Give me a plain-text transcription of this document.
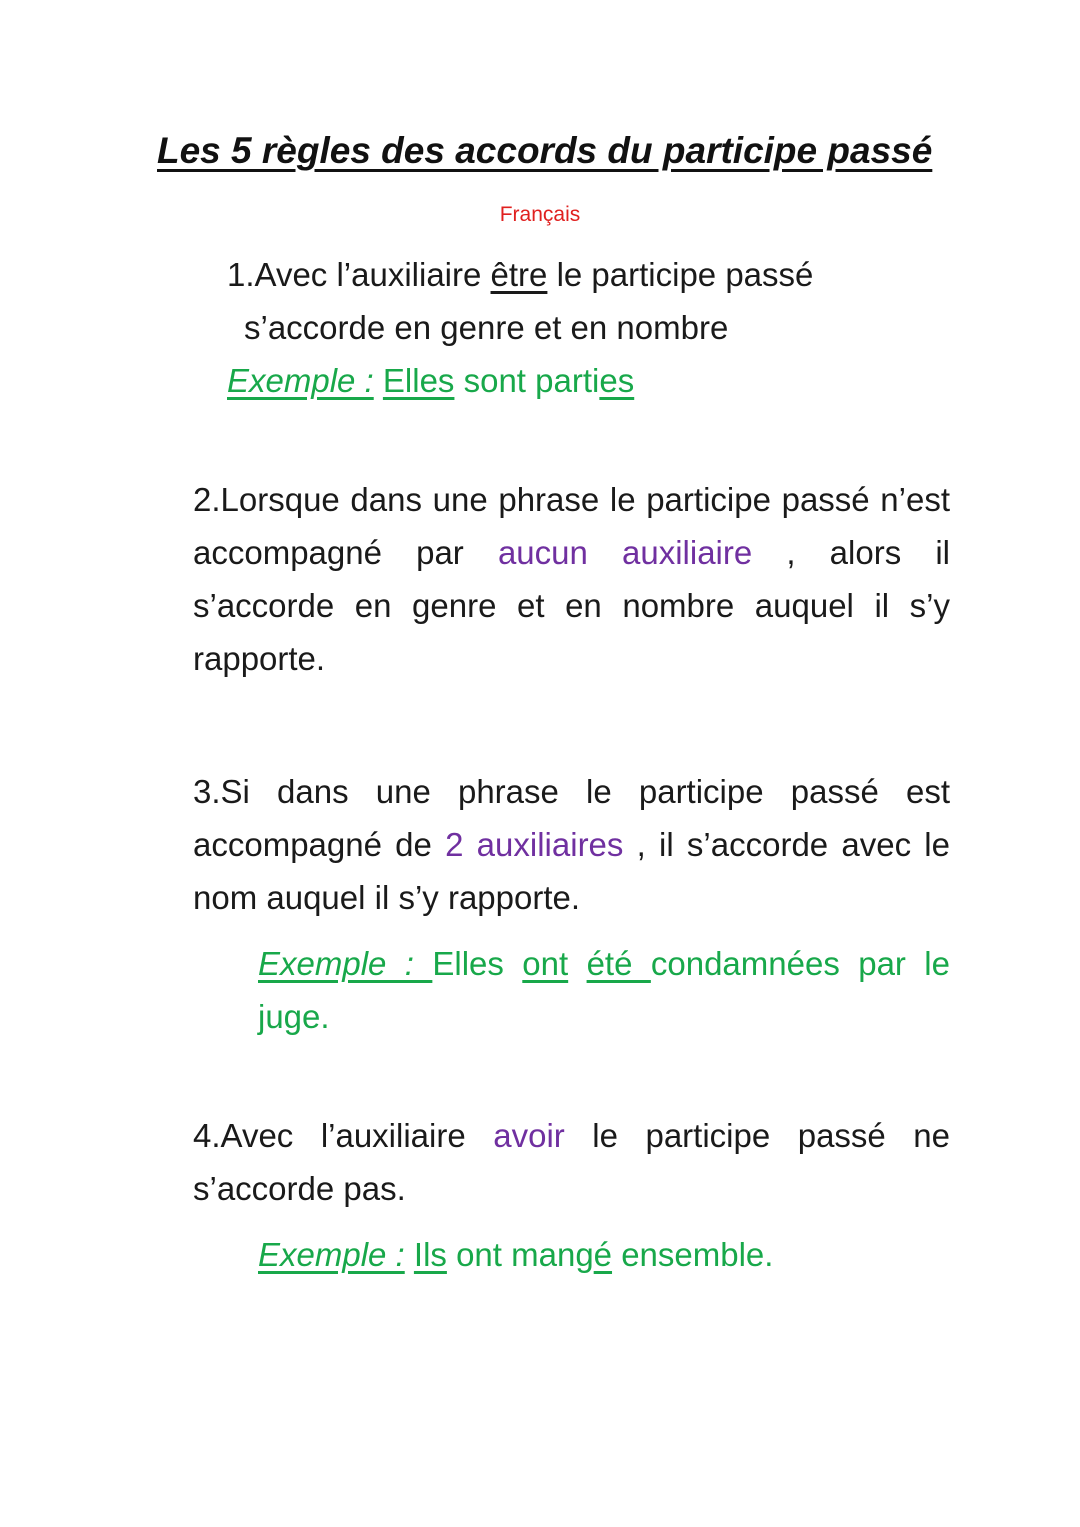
Les 5 règles des accords du participe passé
Français

1.Avec l’auxiliaire être le participe passé
s’accorde en genre et en nombre

Exemple : Elles sont parties

2.Lorsque dans une phrase le participe passé n’est accompagné par aucun auxiliaire , alors il s’accorde en genre et en nombre auquel il s’y rapporte.

3.Si dans une phrase le participe passé est accompagné de 2 auxiliaires , il s’accorde avec le nom auquel il s’y rapporte.

Exemple : Elles ont été condamnées par le juge.

4.Avec l’auxiliaire avoir le participe passé ne s’accorde pas.

Exemple : Ils ont mangé ensemble.
